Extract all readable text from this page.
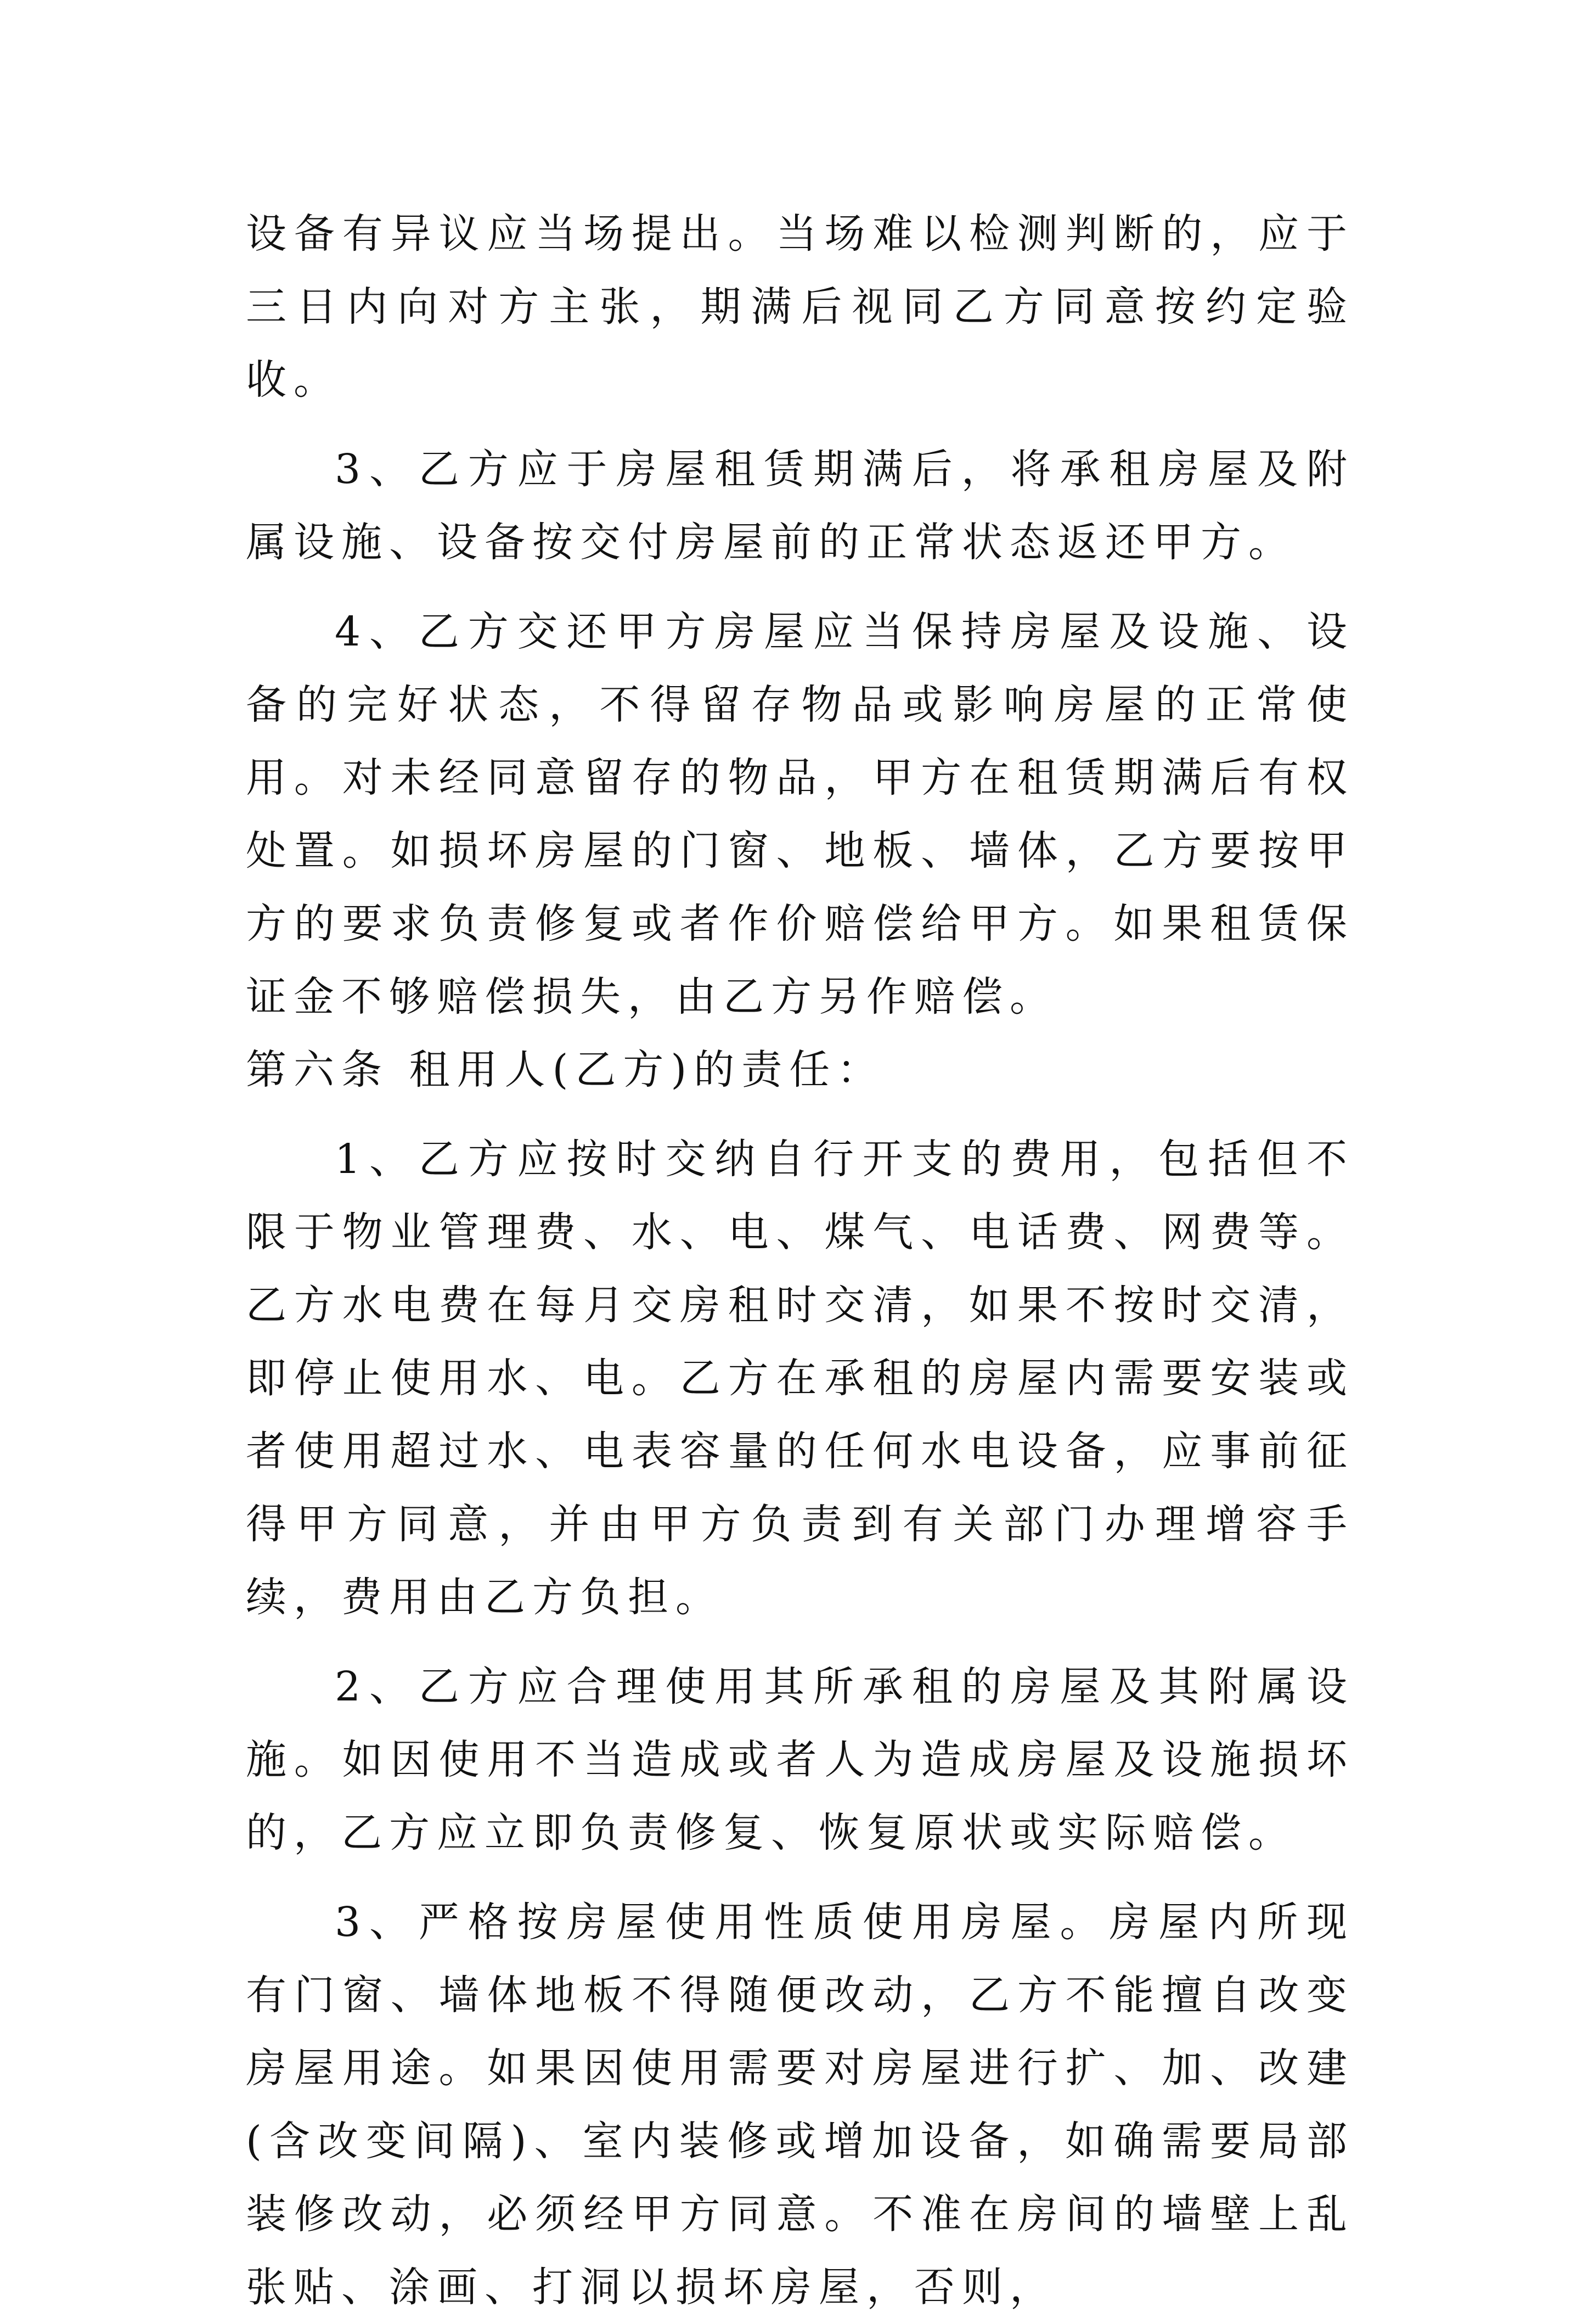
设备有异议应当场提出。当场难以检测判断的，应于三日内向对方主张，期满后视同乙方同意按约定验收。

3、乙方应于房屋租赁期满后，将承租房屋及附属设施、设备按交付房屋前的正常状态返还甲方。

4、乙方交还甲方房屋应当保持房屋及设施、设备的完好状态，不得留存物品或影响房屋的正常使用。对未经同意留存的物品，甲方在租赁期满后有权处置。如损坏房屋的门窗、地板、墙体，乙方要按甲方的要求负责修复或者作价赔偿给甲方。如果租赁保证金不够赔偿损失，由乙方另作赔偿。

第六条 租用人(乙方)的责任：

1、乙方应按时交纳自行开支的费用，包括但不限于物业管理费、水、电、煤气、电话费、网费等。乙方水电费在每月交房租时交清，如果不按时交清，即停止使用水、电。乙方在承租的房屋内需要安装或者使用超过水、电表容量的任何水电设备，应事前征得甲方同意，并由甲方负责到有关部门办理增容手续，费用由乙方负担。

2、乙方应合理使用其所承租的房屋及其附属设施。如因使用不当造成或者人为造成房屋及设施损坏的，乙方应立即负责修复、恢复原状或实际赔偿。

3、严格按房屋使用性质使用房屋。房屋内所现有门窗、墙体地板不得随便改动，乙方不能擅自改变房屋用途。如果因使用需要对房屋进行扩、加、改建(含改变间隔)、室内装修或增加设备，如确需要局部装修改动，必须经甲方同意。不准在房间的墙壁上乱张贴、涂画、打洞以损坏房屋，否则，
